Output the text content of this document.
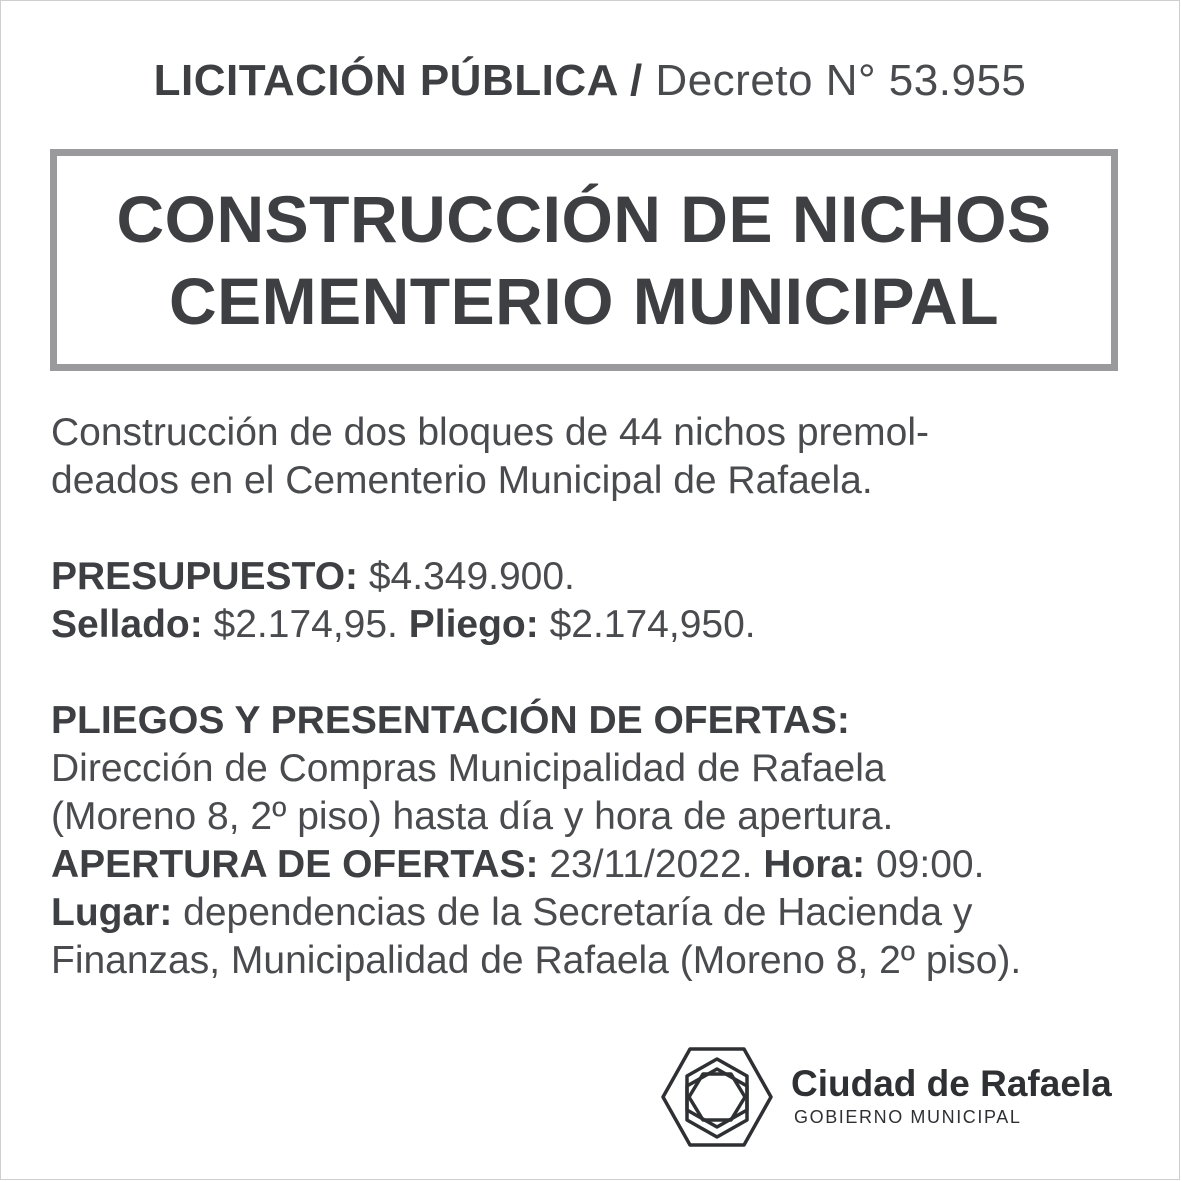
LICITACIÓN PÚBLICA / Decreto N° 53.955
CONSTRUCCIÓN DE NICHOS
CEMENTERIO MUNICIPAL
Construcción de dos bloques de 44 nichos premol-
deados en el Cementerio Municipal de Rafaela.
PRESUPUESTO: $4.349.900.
Sellado: $2.174,95. Pliego: $2.174,950.
PLIEGOS Y PRESENTACIÓN DE OFERTAS:
Dirección de Compras Municipalidad de Rafaela
(Moreno 8, 2º piso) hasta día y hora de apertura.
APERTURA DE OFERTAS: 23/11/2022. Hora: 09:00.
Lugar: dependencias de la Secretaría de Hacienda y
Finanzas, Municipalidad de Rafaela (Moreno 8, 2º piso).
Ciudad de Rafaela
GOBIERNO MUNICIPAL
